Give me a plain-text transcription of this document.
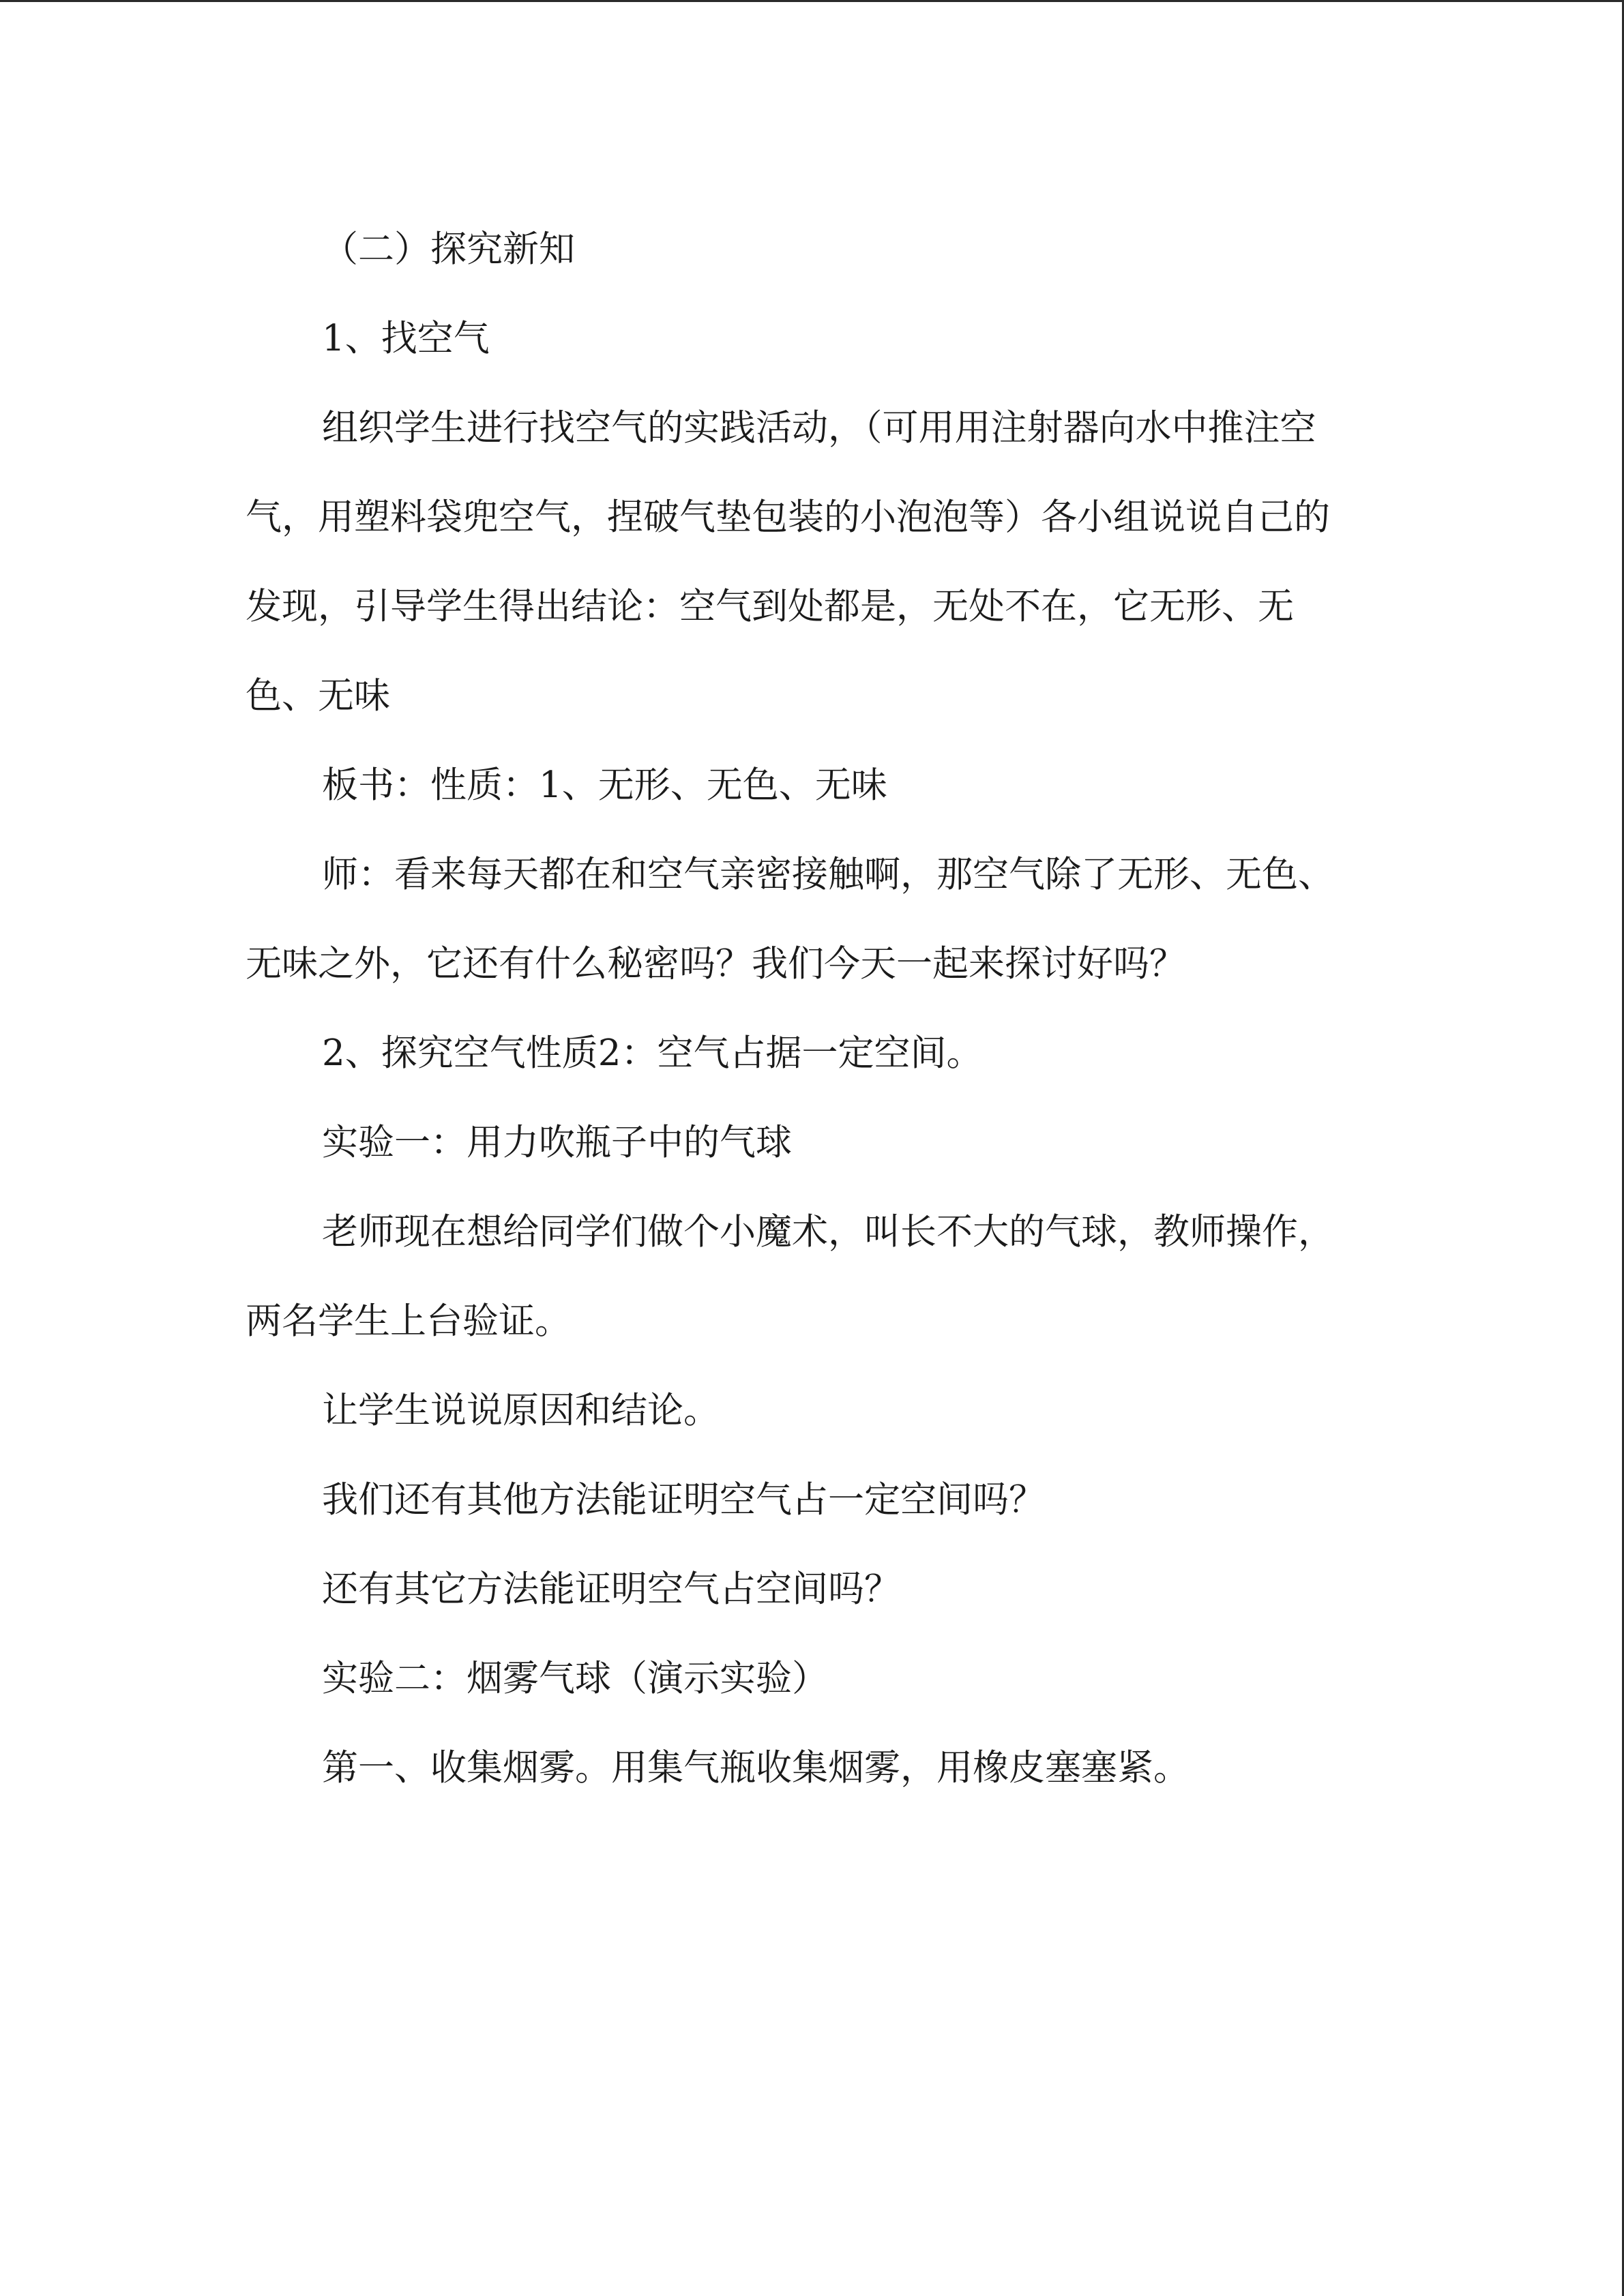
（二）探究新知

1、找空气

组织学生进行找空气的实践活动，（可用用注射器向水中推注空气，用塑料袋兜空气，捏破气垫包装的小泡泡等）各小组说说自己的发现，引导学生得出结论：空气到处都是，无处不在，它无形、无色、无味

板书：性质：1、无形、无色、无味

师：看来每天都在和空气亲密接触啊，那空气除了无形、无色、无味之外，它还有什么秘密吗？我们今天一起来探讨好吗？

2、探究空气性质2：空气占据一定空间。

实验一：用力吹瓶子中的气球

老师现在想给同学们做个小魔术，叫长不大的气球，教师操作，两名学生上台验证。

让学生说说原因和结论。

我们还有其他方法能证明空气占一定空间吗？

还有其它方法能证明空气占空间吗？

实验二：烟雾气球（演示实验）

第一、收集烟雾。用集气瓶收集烟雾，用橡皮塞塞紧。
